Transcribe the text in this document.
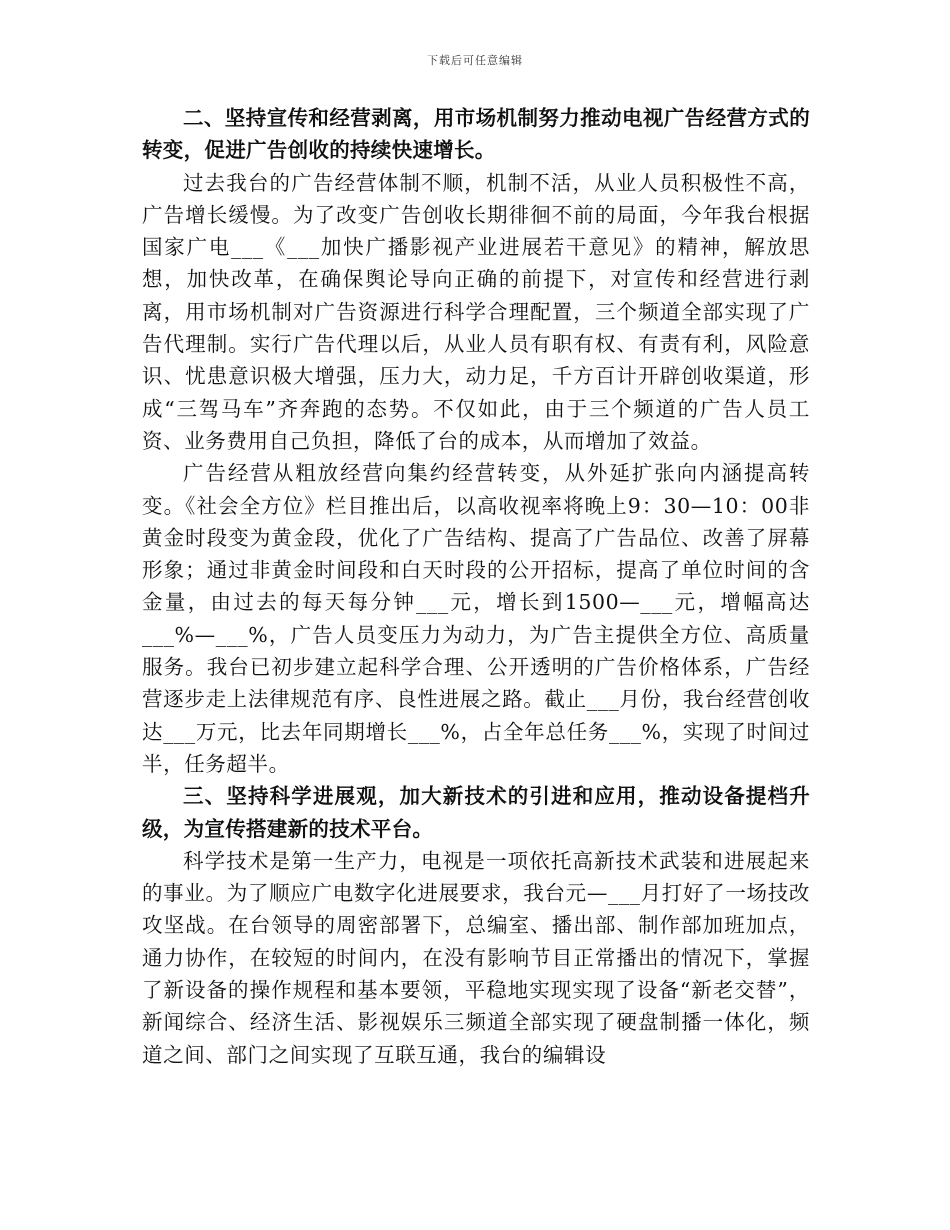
下载后可任意编辑

二、坚持宣传和经营剥离，用市场机制努力推动电视广告经营方式的转变，促进广告创收的持续快速增长。

过去我台的广告经营体制不顺，机制不活，从业人员积极性不高，广告增长缓慢。为了改变广告创收长期徘徊不前的局面，今年我台根据国家广电___《___加快广播影视产业进展若干意见》的精神，解放思想，加快改革，在确保舆论导向正确的前提下，对宣传和经营进行剥离，用市场机制对广告资源进行科学合理配置，三个频道全部实现了广告代理制。实行广告代理以后，从业人员有职有权、有责有利，风险意识、忧患意识极大增强，压力大，动力足，千方百计开辟创收渠道，形成“三驾马车”齐奔跑的态势。不仅如此，由于三个频道的广告人员工资、业务费用自己负担，降低了台的成本，从而增加了效益。

广告经营从粗放经营向集约经营转变，从外延扩张向内涵提高转变。《社会全方位》栏目推出后，以高收视率将晚上9：30—10：00非黄金时段变为黄金段，优化了广告结构、提高了广告品位、改善了屏幕形象；通过非黄金时间段和白天时段的公开招标，提高了单位时间的含金量，由过去的每天每分钟___元，增长到1500—___元，增幅高达___%—___%，广告人员变压力为动力，为广告主提供全方位、高质量服务。我台已初步建立起科学合理、公开透明的广告价格体系，广告经营逐步走上法律规范有序、良性进展之路。截止___月份，我台经营创收达___万元，比去年同期增长___%，占全年总任务___%，实现了时间过半，任务超半。

三、坚持科学进展观，加大新技术的引进和应用，推动设备提档升级，为宣传搭建新的技术平台。

科学技术是第一生产力，电视是一项依托高新技术武装和进展起来的事业。为了顺应广电数字化进展要求，我台元—___月打好了一场技改攻坚战。在台领导的周密部署下，总编室、播出部、制作部加班加点，通力协作，在较短的时间内，在没有影响节目正常播出的情况下，掌握了新设备的操作规程和基本要领，平稳地实现实现了设备“新老交替”，新闻综合、经济生活、影视娱乐三频道全部实现了硬盘制播一体化，频道之间、部门之间实现了互联互通，我台的编辑设
